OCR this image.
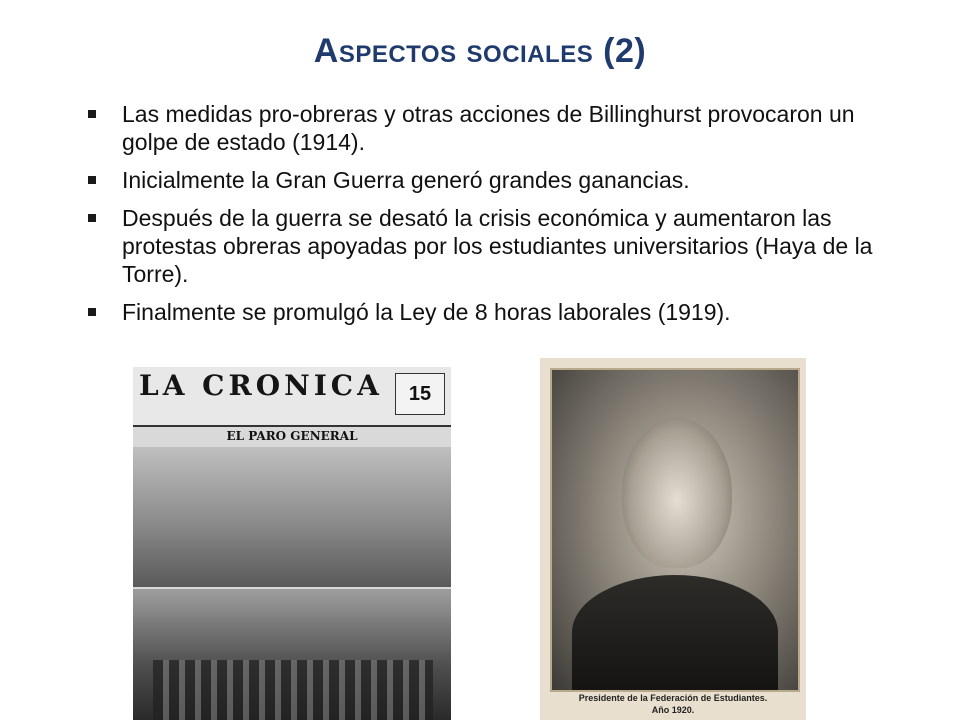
Aspectos sociales (2)
Las medidas pro-obreras y otras acciones de Billinghurst provocaron un golpe de estado (1914).
Inicialmente la Gran Guerra generó grandes ganancias.
Después de la guerra se desató la crisis económica y aumentaron las protestas obreras apoyadas por los estudiantes universitarios (Haya de la Torre).
Finalmente se promulgó la Ley de 8 horas laborales (1919).
LA CRONICA	15
EL PARO GENERAL
Presidente de la Federación de Estudiantes.
Año 1920.
